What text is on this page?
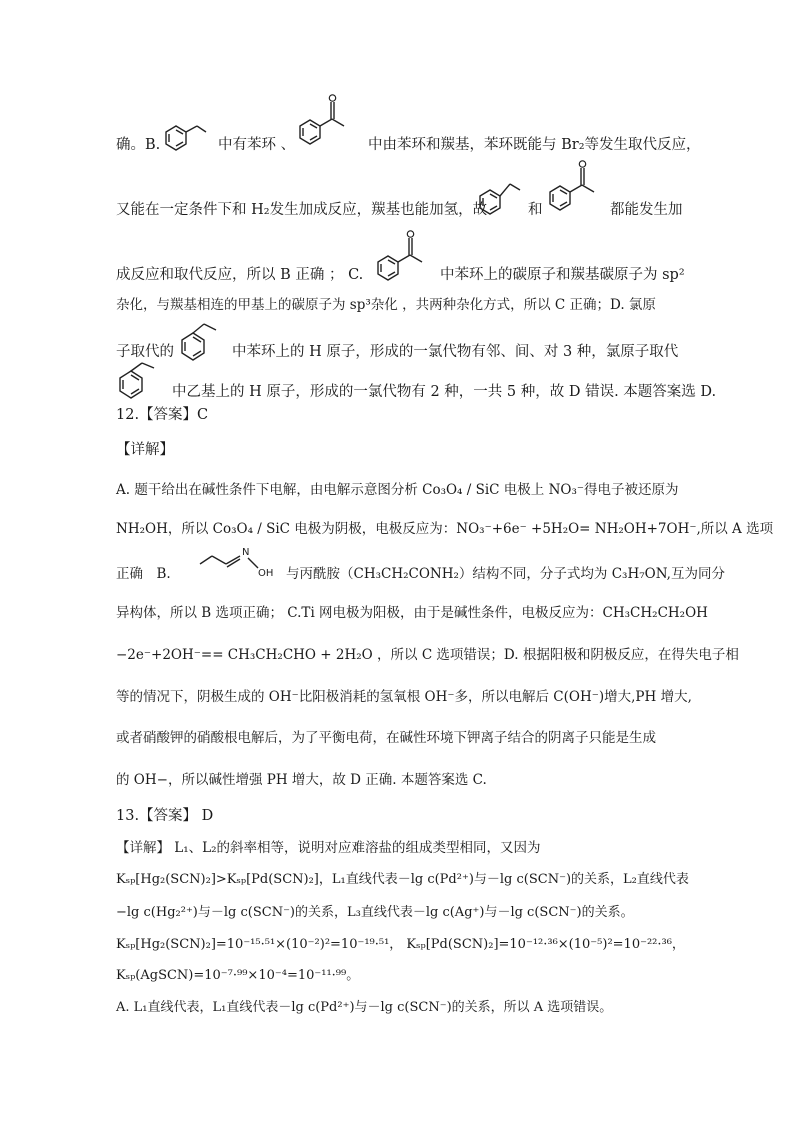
确。B.	中有苯环 、	中由苯环和羰基，苯环既能与 Br₂等发生取代反应，
又能在一定条件下和 H₂发生加成反应，羰基也能加氢，故	和	都能发生加
成反应和取代反应，所以 B 正确 ； C.	中苯环上的碳原子和羰基碳原子为 sp²
杂化，与羰基相连的甲基上的碳原子为 sp³杂化 ，共两种杂化方式，所以 C 正确；D. 氯原
子取代的	中苯环上的 H 原子，形成的一氯代物有邻、间、对 3 种，氯原子取代
中乙基上的 H 原子，形成的一氯代物有 2 种，一共 5 种，故 D 错误. 本题答案选 D.
12.【答案】C
【详解】
A. 题干给出在碱性条件下电解，由电解示意图分析 Co₃O₄ / SiC 电极上 NO₃⁻得电子被还原为
NH₂OH，所以 Co₃O₄ / SiC 电极为阴极，电极反应为：NO₃⁻+6e⁻ +5H₂O= NH₂OH+7OH⁻,所以 A 选项
正确　B.	与丙酰胺（CH₃CH₂CONH₂）结构不同，分子式均为 C₃H₇ON,互为同分
异构体，所以 B 选项正确； C.Ti 网电极为阳极，由于是碱性条件，电极反应为：CH₃CH₂CH₂OH
−2e⁻+2OH⁻== CH₃CH₂CHO + 2H₂O ，所以 C 选项错误；D. 根据阳极和阴极反应，在得失电子相
等的情况下，阴极生成的 OH⁻比阳极消耗的氢氧根 OH⁻多，所以电解后 C(OH⁻)增大,PH 增大,
或者硝酸钾的硝酸根电解后，为了平衡电荷，在碱性环境下钾离子结合的阴离子只能是生成
的 OH−，所以碱性增强 PH 增大，故 D 正确. 本题答案选 C.
13.【答案】 D
【详解】 L₁、L₂的斜率相等，说明对应难溶盐的组成类型相同，又因为
Kₛₚ[Hg₂(SCN)₂]>Kₛₚ[Pd(SCN)₂]，L₁直线代表－lg c(Pd²⁺)与－lg c(SCN⁻)的关系，L₂直线代表
−lg c(Hg₂²⁺)与－lg c(SCN⁻)的关系，L₃直线代表－lg c(Ag⁺)与－lg c(SCN⁻)的关系。
Kₛₚ[Hg₂(SCN)₂]=10⁻¹⁵·⁵¹×(10⁻²)²=10⁻¹⁹·⁵¹， Kₛₚ[Pd(SCN)₂]=10⁻¹²·³⁶×(10⁻⁵)²=10⁻²²·³⁶，
Kₛₚ(AgSCN)=10⁻⁷·⁹⁹×10⁻⁴=10⁻¹¹·⁹⁹。
A. L₁直线代表，L₁直线代表－lg c(Pd²⁺)与－lg c(SCN⁻)的关系，所以 A 选项错误。
N
OH
